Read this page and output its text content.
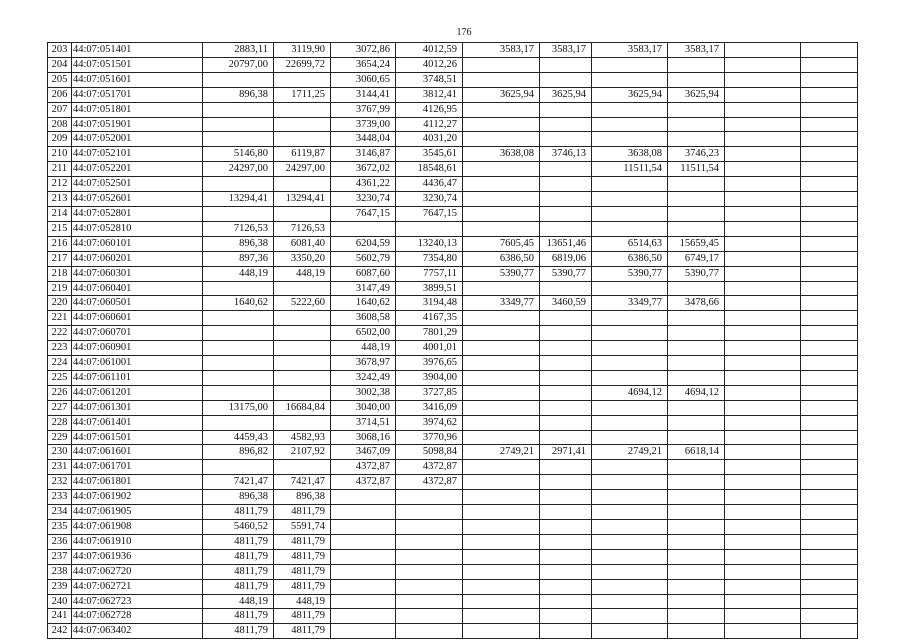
176
203	44:07:051401	2883,11	3119,90	3072,86	4012,59	3583,17	3583,17	3583,17	3583,17		
204	44:07:051501	20797,00	22699,72	3654,24	4012,26						
205	44:07:051601			3060,65	3748,51						
206	44:07:051701	896,38	1711,25	3144,41	3812,41	3625,94	3625,94	3625,94	3625,94		
207	44:07:051801			3767,99	4126,95						
208	44:07:051901			3739,00	4112,27						
209	44:07:052001			3448,04	4031,20						
210	44:07:052101	5146,80	6119,87	3146,87	3545,61	3638,08	3746,13	3638,08	3746,23		
211	44:07:052201	24297,00	24297,00	3672,02	18548,61			11511,54	11511,54		
212	44:07:052501			4361,22	4436,47						
213	44:07:052601	13294,41	13294,41	3230,74	3230,74						
214	44:07:052801			7647,15	7647,15						
215	44:07:052810	7126,53	7126,53								
216	44:07:060101	896,38	6081,40	6204,59	13240,13	7605,45	13651,46	6514,63	15659,45		
217	44:07:060201	897,36	3350,20	5602,79	7354,80	6386,50	6819,06	6386,50	6749,17		
218	44:07:060301	448,19	448,19	6087,60	7757,11	5390,77	5390,77	5390,77	5390,77		
219	44:07:060401			3147,49	3899,51						
220	44:07:060501	1640,62	5222,60	1640,62	3194,48	3349,77	3460,59	3349,77	3478,66		
221	44:07:060601			3608,58	4167,35						
222	44:07:060701			6502,00	7801,29						
223	44:07:060901			448,19	4001,01						
224	44:07:061001			3678,97	3976,65						
225	44:07:061101			3242,49	3904,00						
226	44:07:061201			3002,38	3727,85			4694,12	4694,12		
227	44:07:061301	13175,00	16684,84	3040,00	3416,09						
228	44:07:061401			3714,51	3974,62						
229	44:07:061501	4459,43	4582,93	3068,16	3770,96						
230	44:07:061601	896,82	2107,92	3467,09	5098,84	2749,21	2971,41	2749,21	6618,14		
231	44:07:061701			4372,87	4372,87						
232	44:07:061801	7421,47	7421,47	4372,87	4372,87						
233	44:07:061902	896,38	896,38								
234	44:07:061905	4811,79	4811,79								
235	44:07:061908	5460,52	5591,74								
236	44:07:061910	4811,79	4811,79								
237	44:07:061936	4811,79	4811,79								
238	44:07:062720	4811,79	4811,79								
239	44:07:062721	4811,79	4811,79								
240	44:07:062723	448,19	448,19								
241	44:07:062728	4811,79	4811,79								
242	44:07:063402	4811,79	4811,79								
